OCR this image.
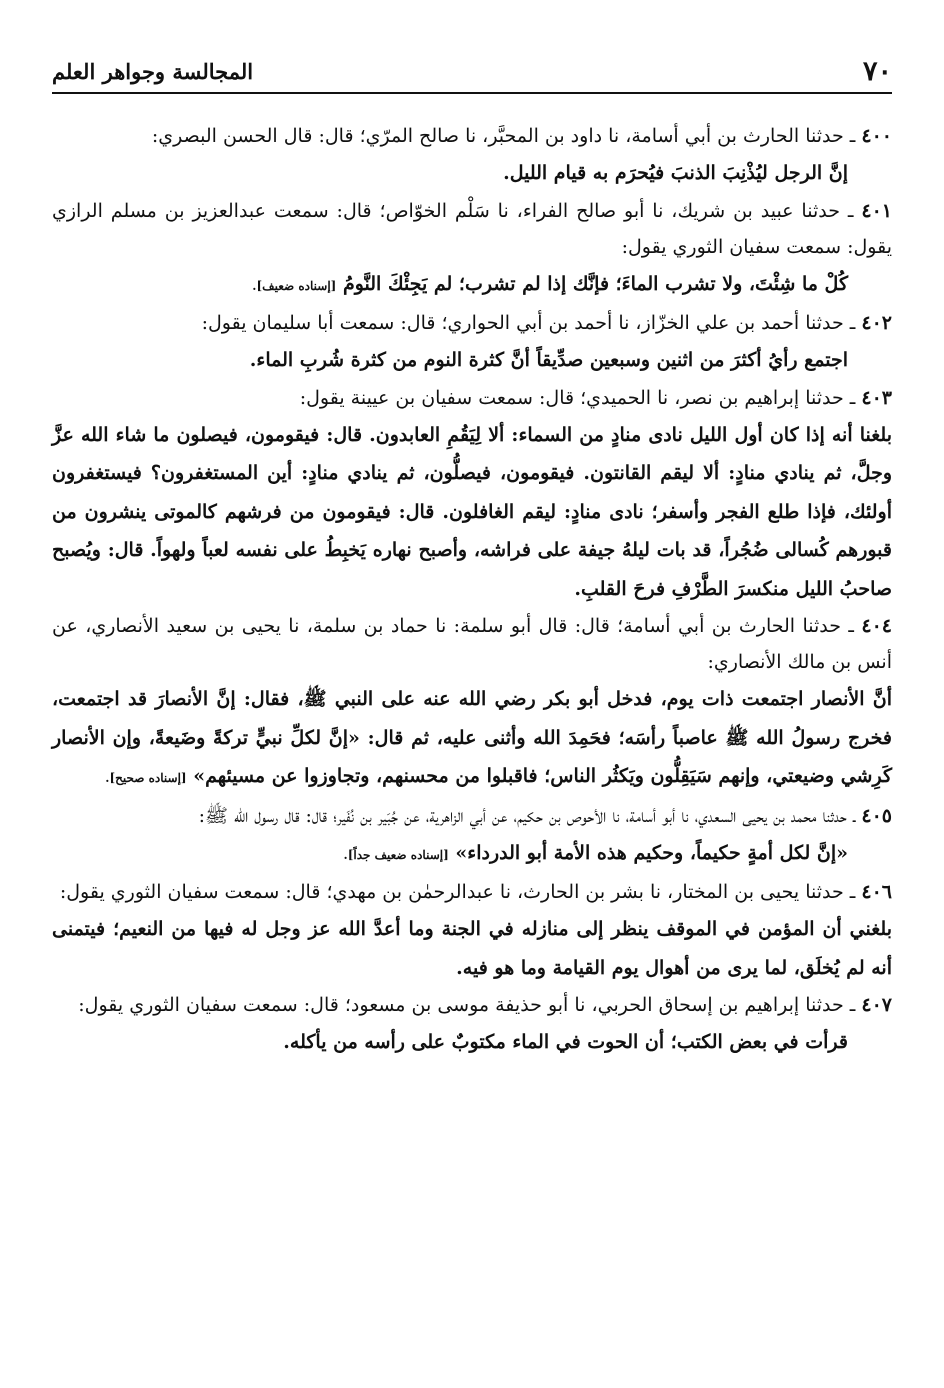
٧٠
المجالسة وجواهر العلم

٤٠٠ ـ حدثنا الحارث بن أبي أسامة، نا داود بن المحبَّر، نا صالح المرّي؛ قال: قال الحسن البصري:

إنَّ الرجل ليُذْنِبَ الذنبَ فيُحرَم به قيام الليل.

٤٠١ ـ حدثنا عبيد بن شريك، نا أبو صالح الفراء، نا سَلْم الخوّاص؛ قال: سمعت عبدالعزيز بن مسلم الرازي يقول: سمعت سفيان الثوري يقول:

كُلْ ما شِئْتَ، ولا تشرب الماءَ؛ فإنَّك إذا لم تشرب؛ لم يَجِئْكَ النَّومُ [إسناده ضعيف].

٤٠٢ ـ حدثنا أحمد بن علي الخزّاز، نا أحمد بن أبي الحواري؛ قال: سمعت أبا سليمان يقول:

اجتمع رأيُ أكثرَ من اثنين وسبعين صدِّيقاً أنَّ كثرة النوم من كثرة شُربِ الماء.

٤٠٣ ـ حدثنا إبراهيم بن نصر، نا الحميدي؛ قال: سمعت سفيان بن عيينة يقول:

بلغنا أنه إذا كان أول الليل نادى منادٍ من السماء: ألا لِيَقُمِ العابدون. قال: فيقومون، فيصلون ما شاء الله عزَّ وجلَّ، ثم ينادي منادٍ: ألا ليقم القانتون. فيقومون، فيصلُّون، ثم ينادي منادٍ: أين المستغفرون؟ فيستغفرون أولئك، فإذا طلع الفجر وأسفر؛ نادى منادٍ: ليقم الغافلون. قال: فيقومون من فرشهم كالموتى ينشرون من قبورهم كُسالى ضُجُراً، قد بات ليلهُ جيفة على فراشه، وأصبح نهاره يَخبِطُ على نفسه لعباً ولهواً. قال: ويُصبح صاحبُ الليل منكسرَ الطَّرْفِ فرحَ القلبِ.

٤٠٤ ـ حدثنا الحارث بن أبي أسامة؛ قال: قال أبو سلمة: نا حماد بن سلمة، نا يحيى بن سعيد الأنصاري، عن أنس بن مالك الأنصاري:

أنَّ الأنصار اجتمعت ذات يوم، فدخل أبو بكر رضي الله عنه على النبي ﷺ، فقال: إنَّ الأنصارَ قد اجتمعت، فخرج رسولُ الله ﷺ عاصباً رأسَه؛ فحَمِدَ الله وأثنى عليه، ثم قال: «إنَّ لكلِّ نبيٍّ تركةً وضَيعةً، وإن الأنصار كَرِشي وضيعتي، وإنهم سَيَقِلُّون ويَكثُر الناس؛ فاقبلوا من محسنهم، وتجاوزوا عن مسيئهم» [إسناده صحيح].

٤٠٥ ـ حدثنا محمد بن يحيى السعدي، نا أبو أسامة، نا الأحوص بن حكيم، عن أبي الزاهرية، عن جُبَير بن نُفَير؛ قال: قال رسول الله ﷺ:

«إنَّ لكل أمةٍ حكيماً، وحكيم هذه الأمة أبو الدرداء» [إسناده ضعيف جداً].

٤٠٦ ـ حدثنا يحيى بن المختار، نا بشر بن الحارث، نا عبدالرحمٰن بن مهدي؛ قال: سمعت سفيان الثوري يقول:

بلغني أن المؤمن في الموقف ينظر إلى منازله في الجنة وما أعدَّ الله عز وجل له فيها من النعيم؛ فيتمنى أنه لم يُخلَق، لما يرى من أهوال يوم القيامة وما هو فيه.

٤٠٧ ـ حدثنا إبراهيم بن إسحاق الحربي، نا أبو حذيفة موسى بن مسعود؛ قال: سمعت سفيان الثوري يقول:

قرأت في بعض الكتب؛ أن الحوت في الماء مكتوبٌ على رأسه من يأكله.
